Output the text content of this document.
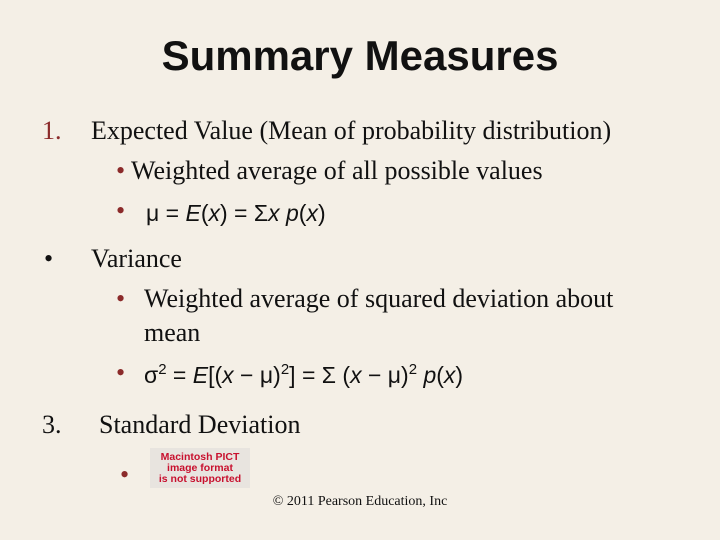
Summary Measures
1. Expected Value (Mean of probability distribution)
• Weighted average of all possible values
• μ = E(x) = Σx p(x)
• Variance
• Weighted average of squared deviation about
mean
• $\sigma^2 = E[(x - \mu)^2] = \Sigma$ $(x - \mu)^2$ p(x)
3. Standard Deviation
•
Macintosh PICT
image format
is not supported
© 2011 Pearson Education, Inc
